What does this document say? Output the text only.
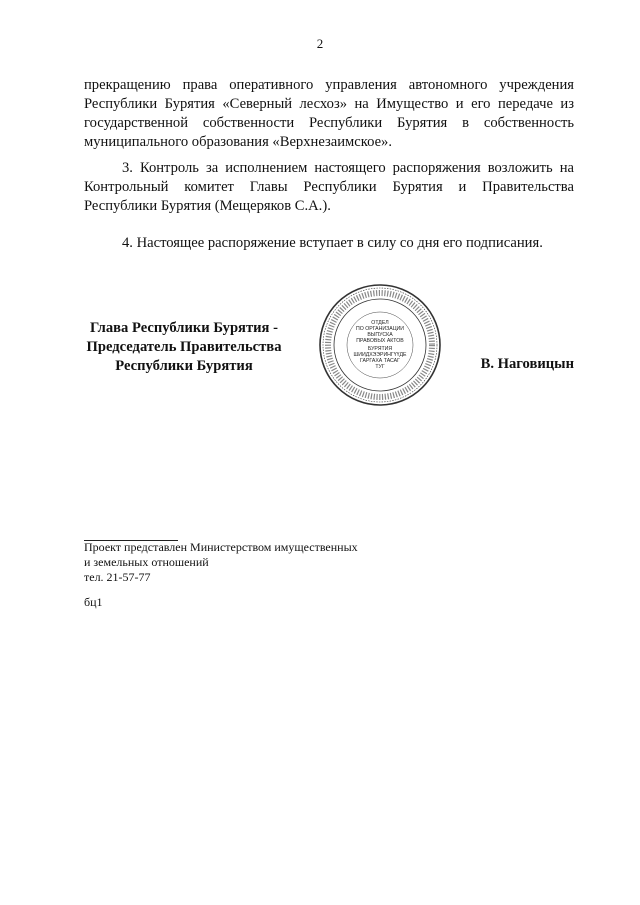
2
прекращению права оперативного управления автономного учреждения Республики Бурятия «Северный лесхоз» на Имущество и его передаче из государственной собственности Республики Бурятия в собственность муниципального образования «Верхнезаимское».
3. Контроль за исполнением настоящего распоряжения возложить на Контрольный комитет Главы Республики Бурятия и Правительства Республики Бурятия (Мещеряков С.А.).
4. Настоящее распоряжение вступает в силу со дня его подписания.
Глава Республики Бурятия -
Председатель Правительства
Республики Бурятия
ОТДЕЛ
ПО ОРГАНИЗАЦИИ
ВЫПУСКА
ПРАВОВЫХ АКТОВ
БУРЯТИЯ
ШИИДХЭЭРИНГҮҮДЕ
ГАРГАХА ТАСАГ
ТУГ	В. Наговицын
Проект представлен Министерством имущественных
и земельных отношений
тел. 21-57-77
бц1
